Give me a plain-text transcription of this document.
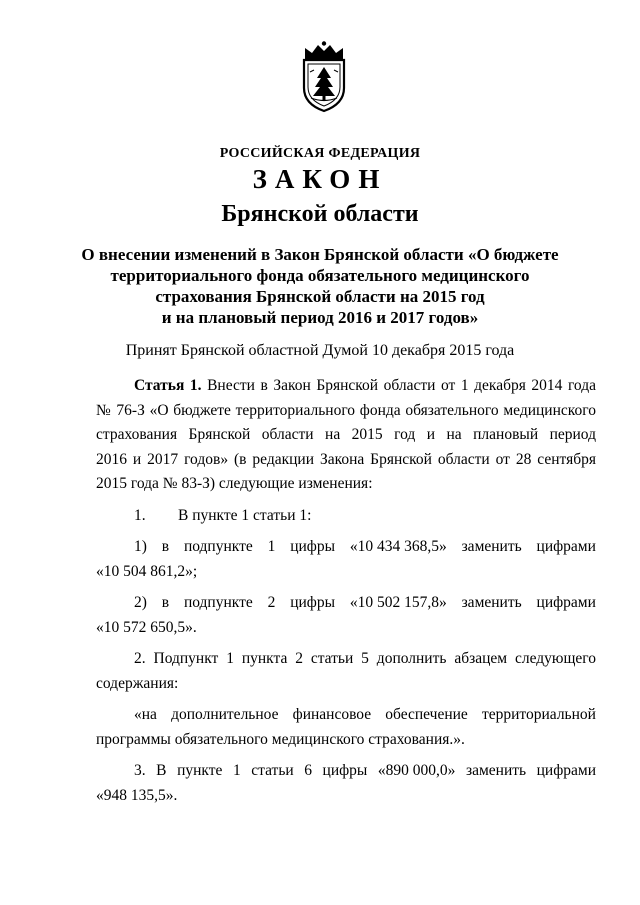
РОССИЙСКАЯ ФЕДЕРАЦИЯ
ЗАКОН
Брянской области
О внесении изменений в Закон Брянской области «О бюджете
территориального фонда обязательного медицинского
страхования Брянской области на 2015 год
и на плановый период 2016 и 2017 годов»
Принят Брянской областной Думой 10 декабря 2015 года
Статья 1. Внести в Закон Брянской области от 1 декабря 2014 года
№ 76-З «О бюджете территориального фонда обязательного медицинского
страхования Брянской области на 2015 год и на плановый период
2016 и 2017 годов» (в редакции Закона Брянской области от 28 сентября
2015 года № 83-З) следующие изменения:
1. В пункте 1 статьи 1:
1) в подпункте 1 цифры «10 434 368,5» заменить цифрами
«10 504 861,2»;
2) в подпункте 2 цифры «10 502 157,8» заменить цифрами
«10 572 650,5».
2. Подпункт 1 пункта 2 статьи 5 дополнить абзацем следующего
содержания:
«на дополнительное финансовое обеспечение территориальной
программы обязательного медицинского страхования.».
3. В пункте 1 статьи 6 цифры «890 000,0» заменить цифрами
«948 135,5».
